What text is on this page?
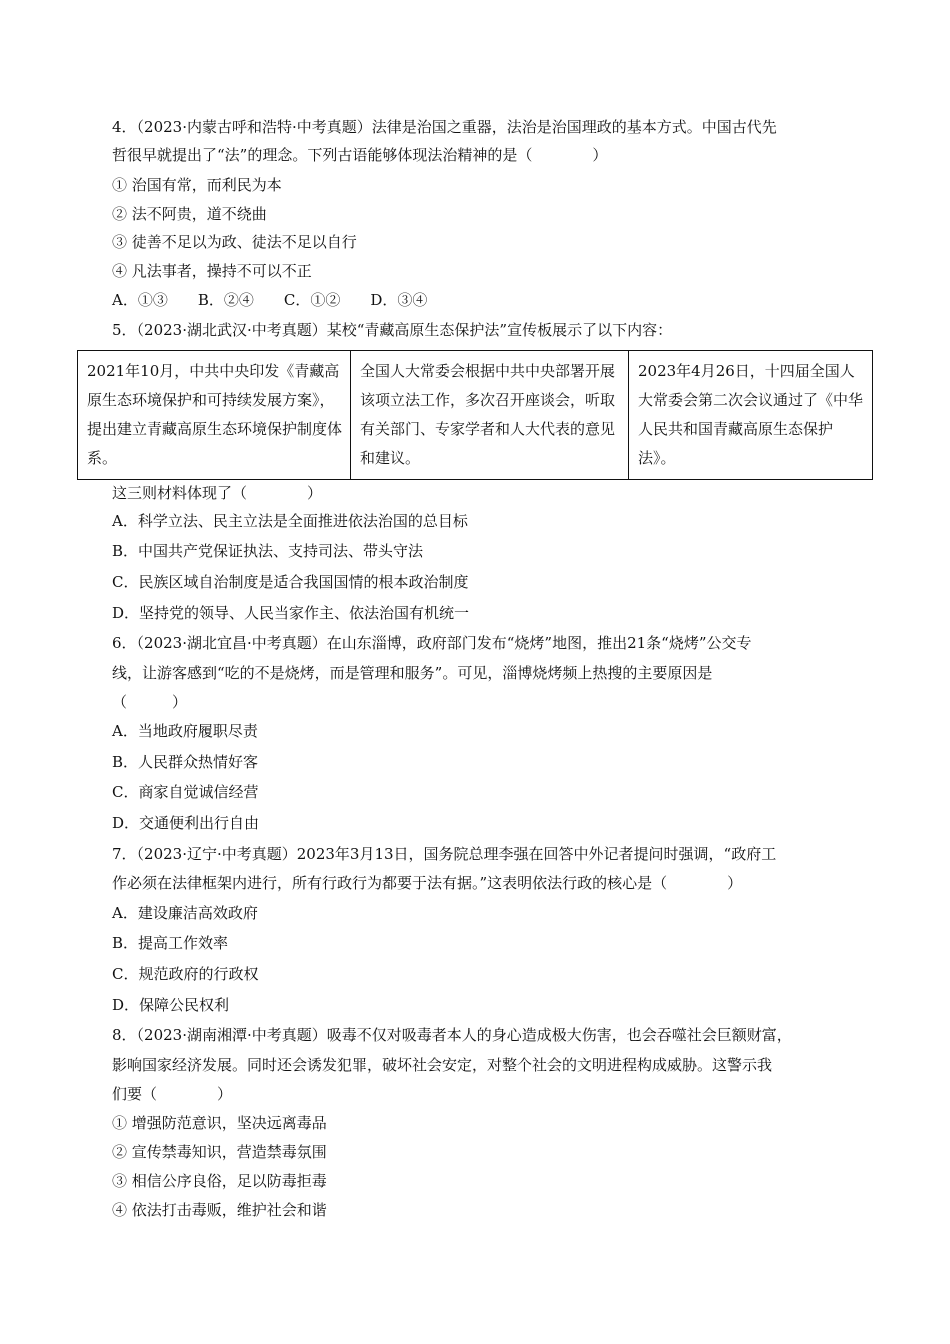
4．（2023·内蒙古呼和浩特·中考真题）法律是治国之重器，法治是治国理政的基本方式。中国古代先
哲很早就提出了“法”的理念。下列古语能够体现法治精神的是（　　　　）
① 治国有常，而利民为本
② 法不阿贵，道不绕曲
③ 徒善不足以为政、徒法不足以自行
④ 凡法事者，操持不可以不正
A．①③　　B．②④　　C．①②　　D．③④
5．（2023·湖北武汉·中考真题）某校“青藏高原生态保护法”宣传板展示了以下内容：
2021年10月，中共中央印发《青藏高原生态环境保护和可持续发展方案》，提出建立青藏高原生态环境保护制度体系。	全国人大常委会根据中共中央部署开展该项立法工作，多次召开座谈会，听取有关部门、专家学者和人大代表的意见和建议。	2023年4月26日，十四届全国人大常委会第二次会议通过了《中华人民共和国青藏高原生态保护法》。
这三则材料体现了（　　　　）
A．科学立法、民主立法是全面推进依法治国的总目标
B．中国共产党保证执法、支持司法、带头守法
C．民族区域自治制度是适合我国国情的根本政治制度
D．坚持党的领导、人民当家作主、依法治国有机统一
6．（2023·湖北宜昌·中考真题）在山东淄博，政府部门发布“烧烤”地图，推出21条“烧烤”公交专
线，让游客感到“吃的不是烧烤，而是管理和服务”。可见，淄博烧烤频上热搜的主要原因是
（　　　）
A．当地政府履职尽责
B．人民群众热情好客
C．商家自觉诚信经营
D．交通便利出行自由
7．（2023·辽宁·中考真题）2023年3月13日，国务院总理李强在回答中外记者提问时强调，“政府工
作必须在法律框架内进行，所有行政行为都要于法有据。”这表明依法行政的核心是（　　　　）
A．建设廉洁高效政府
B．提高工作效率
C．规范政府的行政权
D．保障公民权利
8．（2023·湖南湘潭·中考真题）吸毒不仅对吸毒者本人的身心造成极大伤害，也会吞噬社会巨额财富，
影响国家经济发展。同时还会诱发犯罪，破坏社会安定，对整个社会的文明进程构成威胁。这警示我
们要（　　　　）
① 增强防范意识，坚决远离毒品
② 宣传禁毒知识，营造禁毒氛围
③ 相信公序良俗，足以防毒拒毒
④ 依法打击毒贩，维护社会和谐
